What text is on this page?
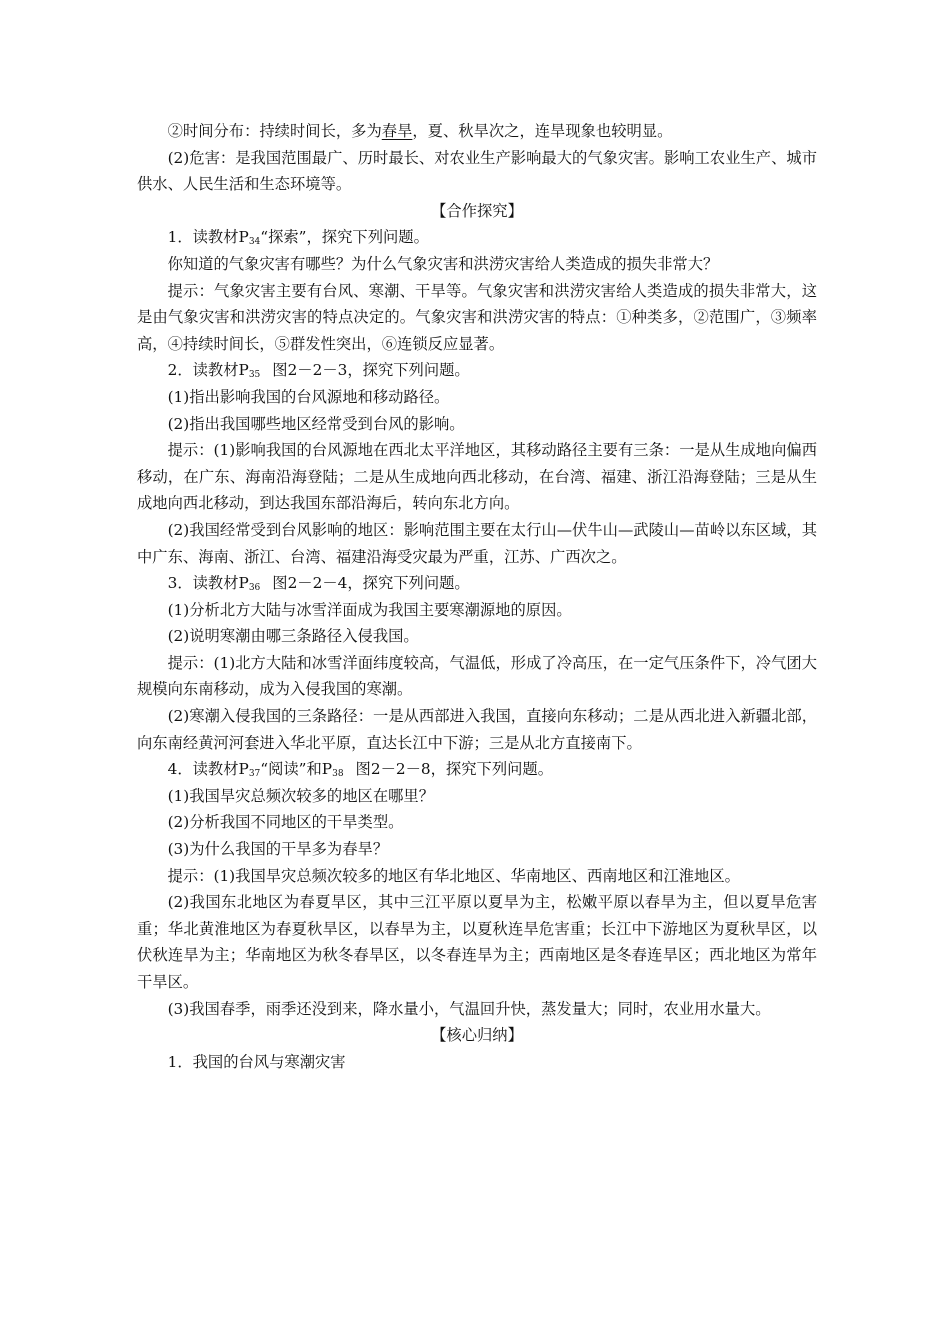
②时间分布：持续时间长，多为春旱，夏、秋旱次之，连旱现象也较明显。

(2)危害：是我国范围最广、历时最长、对农业生产影响最大的气象灾害。影响工农业生产、城市供水、人民生活和生态环境等。

【合作探究】

1．读教材$P_{34}“$探索”，探究下列问题。

你知道的气象灾害有哪些？为什么气象灾害和洪涝灾害给人类造成的损失非常大？

提示：气象灾害主要有台风、寒潮、干旱等。气象灾害和洪涝灾害给人类造成的损失非常大，这是由气象灾害和洪涝灾害的特点决定的。气象灾害和洪涝灾害的特点：①种类多，②范围广，③频率高，④持续时间长，⑤群发性突出，⑥连锁反应显著。

2．读教材$P_{35}$ 图2－2－3，探究下列问题。

(1)指出影响我国的台风源地和移动路径。

(2)指出我国哪些地区经常受到台风的影响。

提示：(1)影响我国的台风源地在西北太平洋地区，其移动路径主要有三条：一是从生成地向偏西移动，在广东、海南沿海登陆；二是从生成地向西北移动，在台湾、福建、浙江沿海登陆；三是从生成地向西北移动，到达我国东部沿海后，转向东北方向。

(2)我国经常受到台风影响的地区：影响范围主要在太行山—伏牛山—武陵山—苗岭以东区域，其中广东、海南、浙江、台湾、福建沿海受灾最为严重，江苏、广西次之。

3．读教材$P_{36}$ 图2－2－4，探究下列问题。

(1)分析北方大陆与冰雪洋面成为我国主要寒潮源地的原因。

(2)说明寒潮由哪三条路径入侵我国。

提示：(1)北方大陆和冰雪洋面纬度较高，气温低，形成了冷高压，在一定气压条件下，冷气团大规模向东南移动，成为入侵我国的寒潮。

(2)寒潮入侵我国的三条路径：一是从西部进入我国，直接向东移动；二是从西北进入新疆北部，向东南经黄河河套进入华北平原，直达长江中下游；三是从北方直接南下。

4．读教材$P_{37}“$阅读”和$P_{38}$ 图2－2－8，探究下列问题。

(1)我国旱灾总频次较多的地区在哪里？

(2)分析我国不同地区的干旱类型。

(3)为什么我国的干旱多为春旱？

提示：(1)我国旱灾总频次较多的地区有华北地区、华南地区、西南地区和江淮地区。

(2)我国东北地区为春夏旱区，其中三江平原以夏旱为主，松嫩平原以春旱为主，但以夏旱危害重；华北黄淮地区为春夏秋旱区，以春旱为主，以夏秋连旱危害重；长江中下游地区为夏秋旱区，以伏秋连旱为主；华南地区为秋冬春旱区，以冬春连旱为主；西南地区是冬春连旱区；西北地区为常年干旱区。

(3)我国春季，雨季还没到来，降水量小，气温回升快，蒸发量大；同时，农业用水量大。

【核心归纳】

1．我国的台风与寒潮灾害
